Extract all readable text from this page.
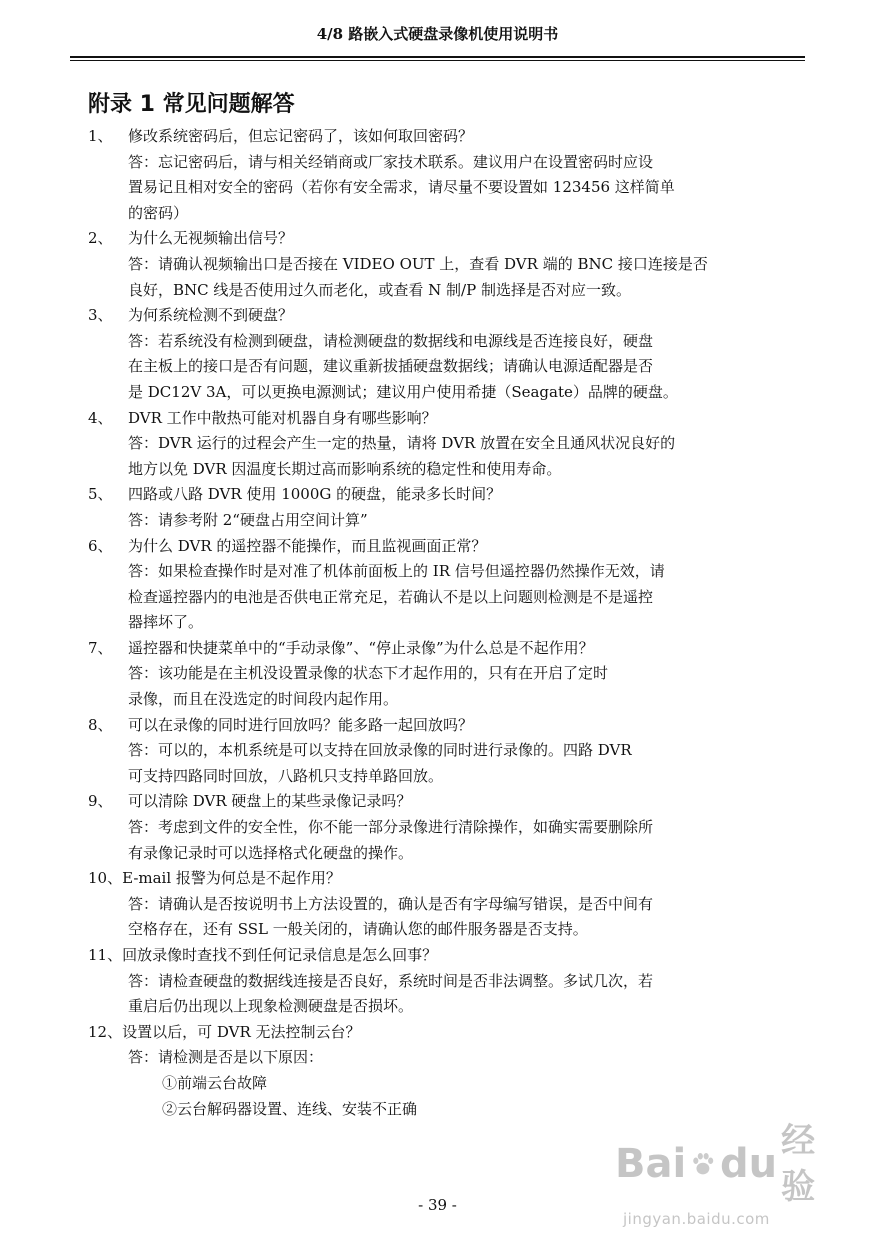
4/8 路嵌入式硬盘录像机使用说明书
附录 1 常见问题解答
1、	修改系统密码后，但忘记密码了，该如何取回密码？
答：忘记密码后，请与相关经销商或厂家技术联系。建议用户在设置密码时应设
置易记且相对安全的密码（若你有安全需求，请尽量不要设置如 123456 这样简单
的密码）
2、	为什么无视频输出信号？
答：请确认视频输出口是否接在 VIDEO OUT 上，查看 DVR 端的 BNC 接口连接是否
良好，BNC 线是否使用过久而老化，或查看 N 制/P 制选择是否对应一致。
3、	为何系统检测不到硬盘？
答：若系统没有检测到硬盘，请检测硬盘的数据线和电源线是否连接良好，硬盘
在主板上的接口是否有问题，建议重新拔插硬盘数据线；请确认电源适配器是否
是 DC12V 3A，可以更换电源测试；建议用户使用希捷（Seagate）品牌的硬盘。
4、	DVR 工作中散热可能对机器自身有哪些影响？
答：DVR 运行的过程会产生一定的热量，请将 DVR 放置在安全且通风状况良好的
地方以免 DVR 因温度长期过高而影响系统的稳定性和使用寿命。
5、	四路或八路 DVR 使用 1000G 的硬盘，能录多长时间？
答：请参考附 2“硬盘占用空间计算”
6、	为什么 DVR 的遥控器不能操作，而且监视画面正常？
答：如果检查操作时是对准了机体前面板上的 IR 信号但遥控器仍然操作无效，请
检查遥控器内的电池是否供电正常充足，若确认不是以上问题则检测是不是遥控
器摔坏了。
7、	遥控器和快捷菜单中的“手动录像”、“停止录像”为什么总是不起作用？
答：该功能是在主机没设置录像的状态下才起作用的，只有在开启了定时
录像，而且在没选定的时间段内起作用。
8、	可以在录像的同时进行回放吗？能多路一起回放吗？
答：可以的，本机系统是可以支持在回放录像的同时进行录像的。四路 DVR
可支持四路同时回放，八路机只支持单路回放。
9、	可以清除 DVR 硬盘上的某些录像记录吗？
答：考虑到文件的安全性，你不能一部分录像进行清除操作，如确实需要删除所
有录像记录时可以选择格式化硬盘的操作。
10、 E-mail 报警为何总是不起作用？
答：请确认是否按说明书上方法设置的，确认是否有字母编写错误，是否中间有
空格存在，还有 SSL 一般关闭的，请确认您的邮件服务器是否支持。
11、 回放录像时查找不到任何记录信息是怎么回事？
答：请检查硬盘的数据线连接是否良好，系统时间是否非法调整。多试几次，若
重启后仍出现以上现象检测硬盘是否损坏。
12、 设置以后，可 DVR 无法控制云台？
答：请检测是否是以下原因：
①前端云台故障
②云台解码器设置、连线、安装不正确
Bai du 经验
jingyan.baidu.com
- 39 -
